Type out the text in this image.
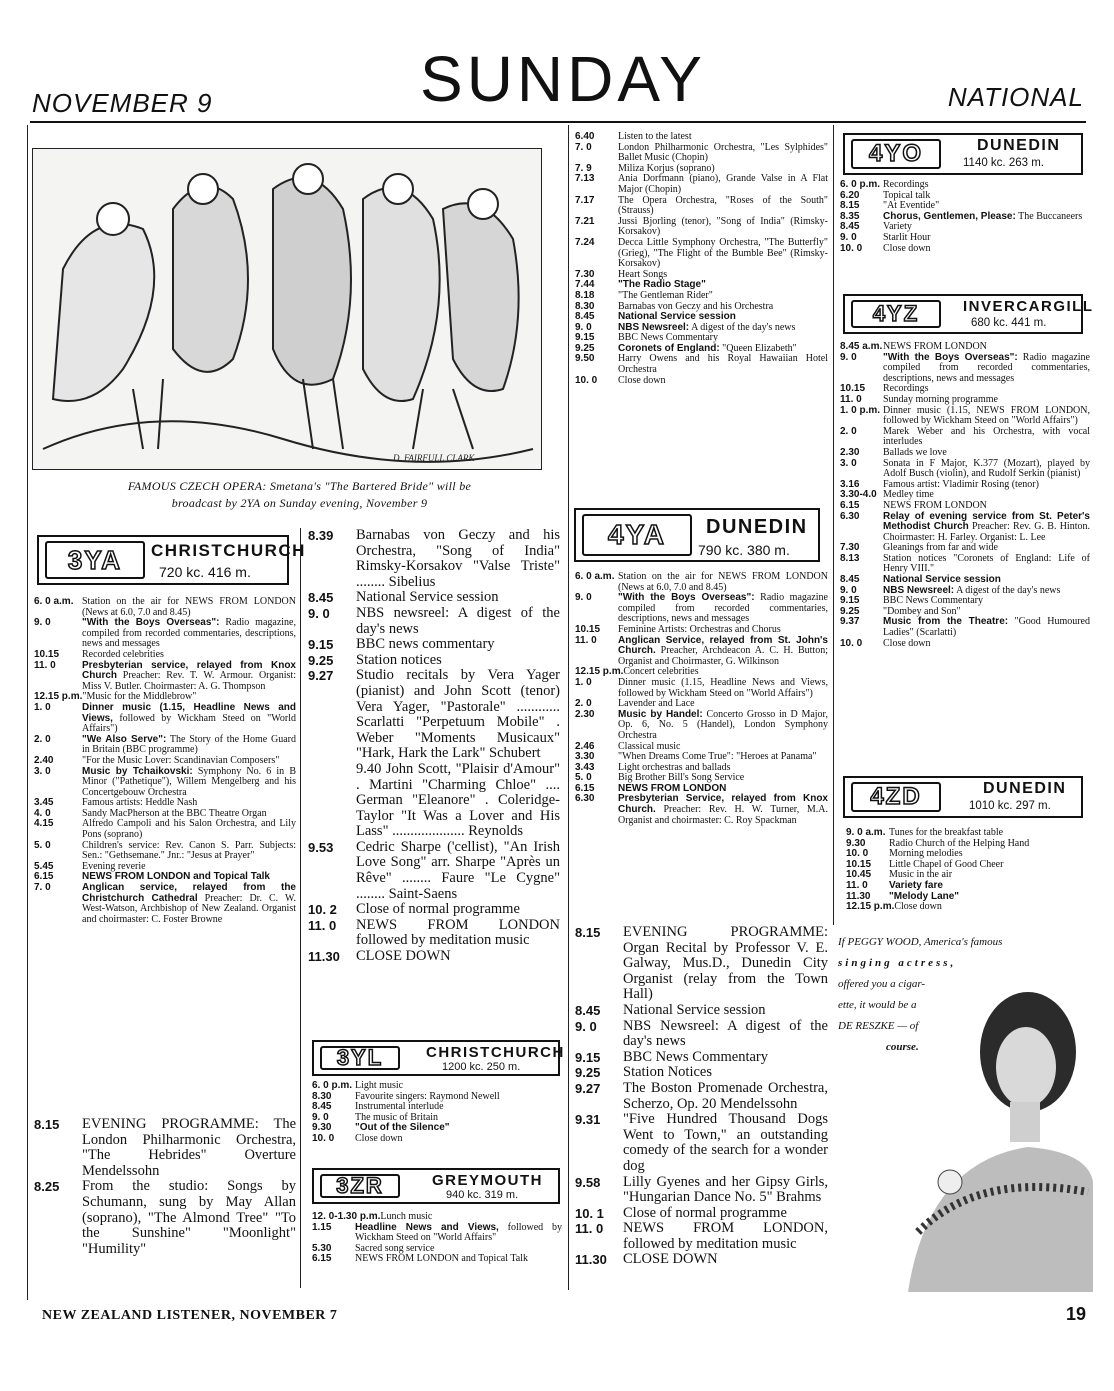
NOVEMBER 9	SUNDAY	NATIONAL
D. FAIRFULL CLARK
FAMOUS CZECH OPERA: Smetana's "The Bartered Bride" will be
broadcast by 2YA on Sunday evening, November 9
3YA	CHRISTCHURCH
720 kc. 416 m.
6. 0 a.m. Station on the air for NEWS FROM LONDON (News at 6.0, 7.0 and 8.45)
9. 0	"With the Boys Overseas": Radio magazine, compiled from recorded commentaries, descriptions, news and messages
10.15	Recorded celebrities
11. 0	Presbyterian service, relayed from Knox Church Preacher: Rev. T. W. Armour. Organist: Miss V. Butler. Choirmaster: A. G. Thompson
12.15 p.m. "Music for the Middlebrow"
1. 0	Dinner music (1.15, Headline News and Views, followed by Wickham Steed on "World Affairs")
2. 0	"We Also Serve": The Story of the Home Guard in Britain (BBC programme)
2.40	"For the Music Lover: Scandinavian Composers"
3. 0	Music by Tchaikovski: Symphony No. 6 in B Minor ("Pathetique"), Willem Mengelberg and his Concertgebouw Orchestra
3.45	Famous artists: Heddle Nash
4. 0	Sandy MacPherson at the BBC Theatre Organ
4.15	Alfredo Campoli and his Salon Orchestra, and Lily Pons (soprano)
5. 0	Children's service: Rev. Canon S. Parr. Subjects: Sen.: "Gethsemane." Jnr.: "Jesus at Prayer"
5.45	Evening reverie
6.15	NEWS FROM LONDON and Topical Talk
7. 0	Anglican service, relayed from the Christchurch Cathedral Preacher: Dr. C. W. West-Watson, Archbishop of New Zealand. Organist and choirmaster: C. Foster Browne
8.15	EVENING PROGRAMME: The London Philharmonic Orchestra, "The Hebrides" Overture Mendelssohn
8.25	From the studio: Songs by Schumann, sung by May Allan (soprano), "The Almond Tree" "To the Sunshine" "Moonlight" "Humility"
8.39	Barnabas von Geczy and his Orchestra, "Song of India" Rimsky-Korsakov "Valse Triste" ........ Sibelius
8.45	National Service session
9. 0	NBS newsreel: A digest of the day's news
9.15	BBC news commentary
9.25	Station notices
9.27	Studio recitals by Vera Yager (pianist) and John Scott (tenor) Vera Yager, "Pastorale" ............ Scarlatti "Perpetuum Mobile" . Weber "Moments Musicaux" "Hark, Hark the Lark" Schubert
9.40 John Scott, "Plaisir d'Amour" . Martini "Charming Chloe" .... German "Eleanore" . Coleridge-Taylor "It Was a Lover and His Lass" .................... Reynolds
9.53	Cedric Sharpe ('cellist), "An Irish Love Song" arr. Sharpe "Après un Rêve" ........ Faure "Le Cygne" ........ Saint-Saens
10. 2	Close of normal programme
11. 0	NEWS FROM LONDON followed by meditation music
11.30	CLOSE DOWN
3YL	CHRISTCHURCH
1200 kc. 250 m.
6. 0 p.m. Light music
8.30	Favourite singers: Raymond Newell
8.45	Instrumental interlude
9. 0	The music of Britain
9.30	"Out of the Silence"
10. 0	Close down
3ZR	GREYMOUTH
940 kc. 319 m.
12. 0-1.30 p.m. Lunch music
1.15	Headline News and Views, followed by Wickham Steed on "World Affairs"
5.30	Sacred song service
6.15	NEWS FROM LONDON and Topical Talk
6.40	Listen to the latest
7. 0	London Philharmonic Orchestra, "Les Sylphides" Ballet Music (Chopin)
7. 9	Miliza Korjus (soprano)
7.13	Ania Dorfmann (piano), Grande Valse in A Flat Major (Chopin)
7.17	The Opera Orchestra, "Roses of the South" (Strauss)
7.21	Jussi Bjorling (tenor), "Song of India" (Rimsky-Korsakov)
7.24	Decca Little Symphony Orchestra, "The Butterfly" (Grieg), "The Flight of the Bumble Bee" (Rimsky-Korsakov)
7.30	Heart Songs
7.44	"The Radio Stage"
8.18	"The Gentleman Rider"
8.30	Barnabas von Geczy and his Orchestra
8.45	National Service session
9. 0	NBS Newsreel: A digest of the day's news
9.15	BBC News Commentary
9.25	Coronets of England: "Queen Elizabeth"
9.50	Harry Owens and his Royal Hawaiian Hotel Orchestra
10. 0	Close down
4YA	DUNEDIN
790 kc. 380 m.
6. 0 a.m. Station on the air for NEWS FROM LONDON (News at 6.0, 7.0 and 8.45)
9. 0	"With the Boys Overseas": Radio magazine compiled from recorded commentaries, descriptions, news and messages
10.15	Feminine Artists: Orchestras and Chorus
11. 0	Anglican Service, relayed from St. John's Church. Preacher, Archdeacon A. C. H. Button; Organist and Choirmaster, G. Wilkinson
12.15 p.m. Concert celebrities
1. 0	Dinner music (1.15, Headline News and Views, followed by Wickham Steed on "World Affairs")
2. 0	Lavender and Lace
2.30	Music by Handel: Concerto Grosso in D Major, Op. 6, No. 5 (Handel), London Symphony Orchestra
2.46	Classical music
3.30	"When Dreams Come True": "Heroes at Panama"
3.43	Light orchestras and ballads
5. 0	Big Brother Bill's Song Service
6.15	NEWS FROM LONDON
6.30	Presbyterian Service, relayed from Knox Church. Preacher: Rev. H. W. Turner, M.A. Organist and choirmaster: C. Roy Spackman
8.15	EVENING PROGRAMME: Organ Recital by Professor V. E. Galway, Mus.D., Dunedin City Organist (relay from the Town Hall)
8.45	National Service session
9. 0	NBS Newsreel: A digest of the day's news
9.15	BBC News Commentary
9.25	Station Notices
9.27	The Boston Promenade Orchestra, Scherzo, Op. 20 Mendelssohn
9.31	"Five Hundred Thousand Dogs Went to Town," an outstanding comedy of the search for a wonder dog
9.58	Lilly Gyenes and her Gipsy Girls, "Hungarian Dance No. 5" Brahms
10. 1	Close of normal programme
11. 0	NEWS FROM LONDON, followed by meditation music
11.30	CLOSE DOWN
4YO	DUNEDIN
1140 kc. 263 m.
6. 0 p.m. Recordings
6.20	Topical talk
8.15	"At Eventide"
8.35	Chorus, Gentlemen, Please: The Buccaneers
8.45	Variety
9. 0	Starlit Hour
10. 0	Close down
4YZ	INVERCARGILL
680 kc. 441 m.
8.45 a.m. NEWS FROM LONDON
9. 0	"With the Boys Overseas": Radio magazine compiled from recorded commentaries, descriptions, news and messages
10.15	Recordings
11. 0	Sunday morning programme
1. 0 p.m. Dinner music (1.15, NEWS FROM LONDON, followed by Wickham Steed on "World Affairs")
2. 0	Marek Weber and his Orchestra, with vocal interludes
2.30	Ballads we love
3. 0	Sonata in F Major, K.377 (Mozart), played by Adolf Busch (violin), and Rudolf Serkin (pianist)
3.16	Famous artist: Vladimir Rosing (tenor)
3.30-4.0 Medley time
6.15	NEWS FROM LONDON
6.30	Relay of evening service from St. Peter's Methodist Church Preacher: Rev. G. B. Hinton. Choirmaster: H. Farley. Organist: L. Lee
7.30	Gleanings from far and wide
8.13	Station notices "Coronets of England: Life of Henry VIII."
8.45	National Service session
9. 0	NBS Newsreel: A digest of the day's news
9.15	BBC News Commentary
9.25	"Dombey and Son"
9.37	Music from the Theatre: "Good Humoured Ladies" (Scarlatti)
10. 0	Close down
4ZD	DUNEDIN
1010 kc. 297 m.
9. 0 a.m. Tunes for the breakfast table
9.30	Radio Church of the Helping Hand
10. 0	Morning melodies
10.15	Little Chapel of Good Cheer
10.45	Music in the air
11. 0	Variety fare
11.30	"Melody Lane"
12.15 p.m. Close down
If PEGGY WOOD, America's famous
singing actress,
offered you a cigar-
ette, it would be a
DE RESZKE — of
course.
NEW ZEALAND LISTENER, NOVEMBER 7	19
